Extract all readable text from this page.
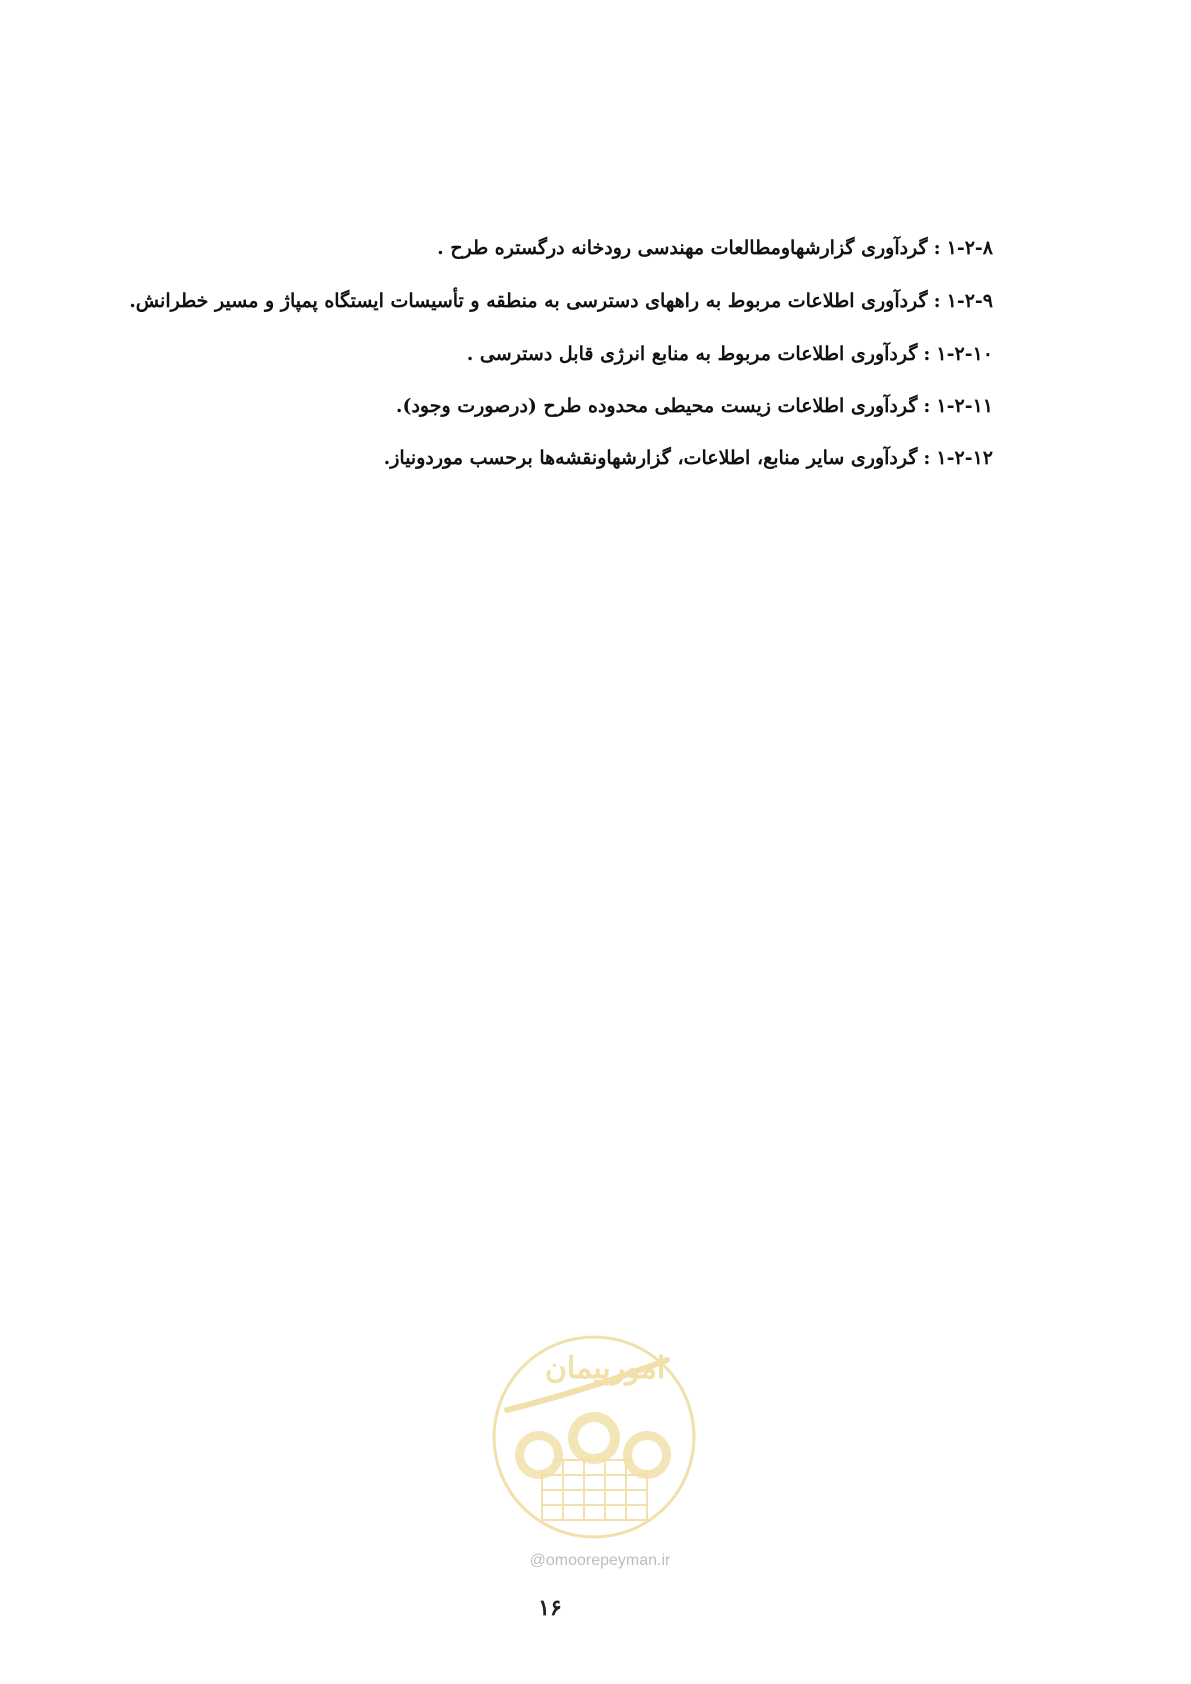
۱-۲-۸:گردآوری گزارشهاومطالعات مهندسی رودخانه درگستره طرح .

۱-۲-۹:گردآوری اطلاعات مربوط به راههای دسترسی به منطقه و تأسیسات ایستگاه پمپاژ و مسیر خطرانش.

۱-۲-۱۰:گردآوری اطلاعات مربوط به منابع انرژی قابل دسترسی .

۱-۲-۱۱:گردآوری اطلاعات زیست محیطی محدوده طرح (درصورت وجود).

۱-۲-۱۲:گردآوری سایر منابع، اطلاعات، گزارشهاونقشه‌ها برحسب موردونیاز.

امورپیمان
@omoorepeyman.ir
۱۶
